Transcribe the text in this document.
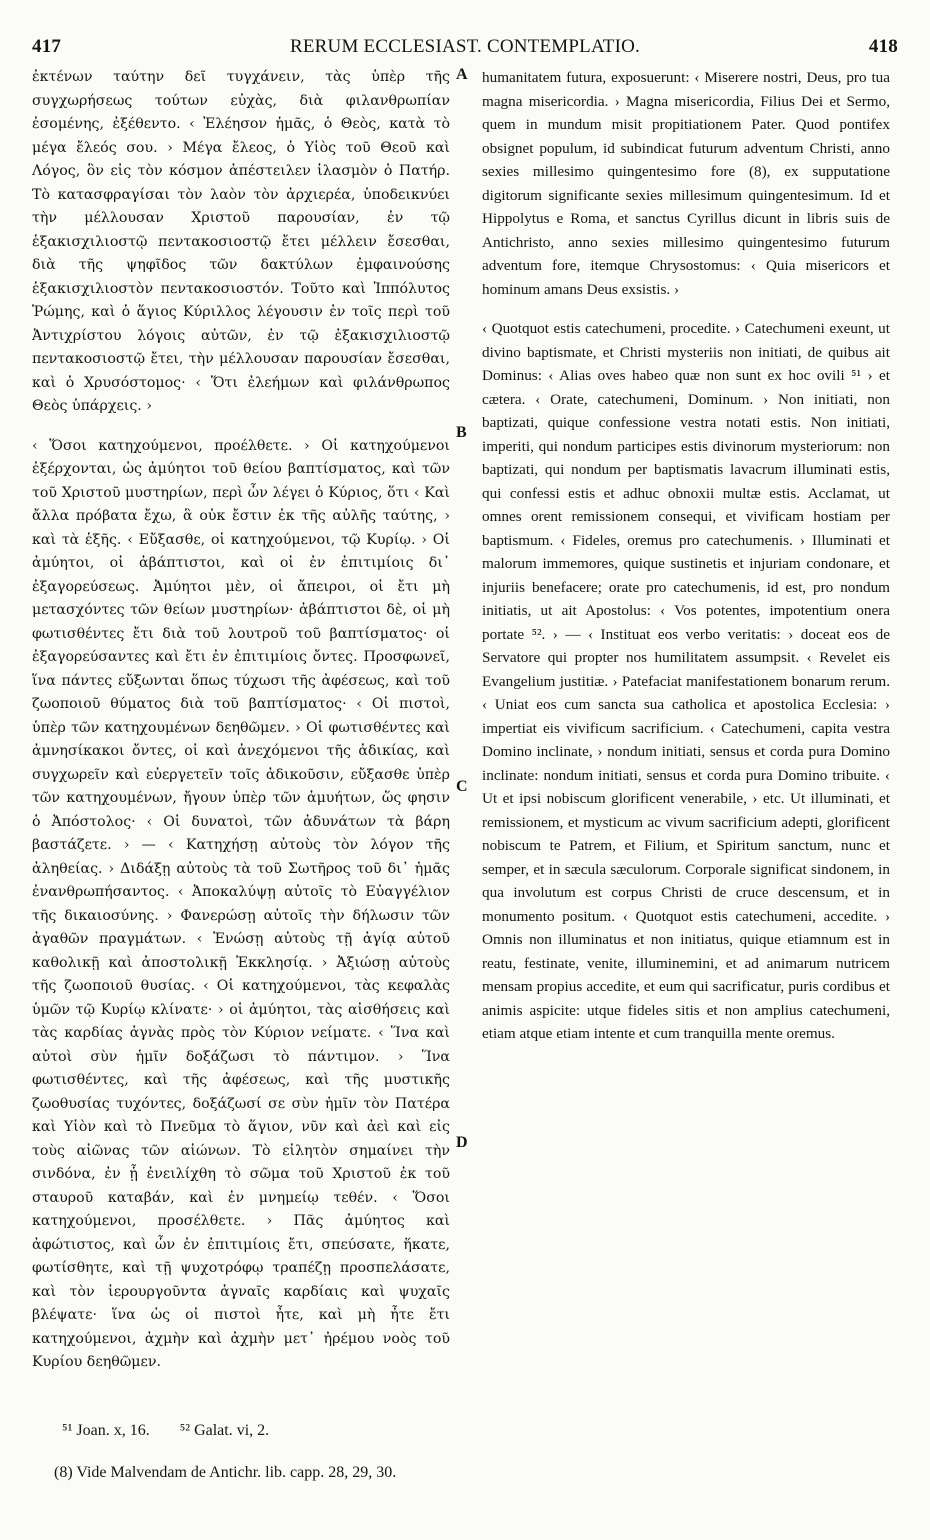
417	RERUM ECCLESIAST. CONTEMPLATIO.	418

ἐκτένων ταύτην δεῖ τυγχάνειν, τὰς ὑπὲρ τῆς συγχωρήσεως τούτων εὐχὰς, διὰ φιλανθρωπίαν ἐσομένης, ἐξέθεντο. ‹ Ἐλέησον ἡμᾶς, ὁ Θεὸς, κατὰ τὸ μέγα ἔλεός σου. › Μέγα ἔλεος, ὁ Υἱὸς τοῦ Θεοῦ καὶ Λόγος, ὃν εἰς τὸν κόσμον ἀπέστειλεν ἱλασμὸν ὁ Πατήρ. Τὸ κατασφραγίσαι τὸν λαὸν τὸν ἀρχιερέα, ὑποδεικνύει τὴν μέλλουσαν Χριστοῦ παρουσίαν, ἐν τῷ ἑξακισχιλιοστῷ πεντακοσιοστῷ ἔτει μέλλειν ἔσεσθαι, διὰ τῆς ψηφῖδος τῶν δακτύλων ἐμφαινούσης ἑξακισχιλιοστὸν πεντακοσιοστόν. Τοῦτο καὶ Ἱππόλυτος Ῥώμης, καὶ ὁ ἅγιος Κύριλλος λέγουσιν ἐν τοῖς περὶ τοῦ Ἀντιχρίστου λόγοις αὐτῶν, ἐν τῷ ἑξακισχιλιοστῷ πεντακοσιοστῷ ἔτει, τὴν μέλλουσαν παρουσίαν ἔσεσθαι, καὶ ὁ Χρυσόστομος· ‹ Ὅτι ἐλεήμων καὶ φιλάνθρωπος Θεὸς ὑπάρχεις. ›

‹ Ὅσοι κατηχούμενοι, προέλθετε. › Οἱ κατηχούμενοι ἐξέρχονται, ὡς ἀμύητοι τοῦ θείου βαπτίσματος, καὶ τῶν τοῦ Χριστοῦ μυστηρίων, περὶ ὧν λέγει ὁ Κύριος, ὅτι ‹ Καὶ ἄλλα πρόβατα ἔχω, ἃ οὐκ ἔστιν ἐκ τῆς αὐλῆς ταύτης, › καὶ τὰ ἑξῆς. ‹ Εὔξασθε, οἱ κατηχούμενοι, τῷ Κυρίῳ. › Οἱ ἀμύητοι, οἱ ἀβάπτιστοι, καὶ οἱ ἐν ἐπιτιμίοις δι᾽ ἐξαγορεύσεως. Ἀμύητοι μὲν, οἱ ἄπειροι, οἱ ἔτι μὴ μετασχόντες τῶν θείων μυστηρίων· ἀβάπτιστοι δὲ, οἱ μὴ φωτισθέντες ἔτι διὰ τοῦ λουτροῦ τοῦ βαπτίσματος· οἱ ἐξαγορεύσαντες καὶ ἔτι ἐν ἐπιτιμίοις ὄντες. Προσφωνεῖ, ἵνα πάντες εὔξωνται ὅπως τύχωσι τῆς ἀφέσεως, καὶ τοῦ ζωοποιοῦ θύματος διὰ τοῦ βαπτίσματος· ‹ Οἱ πιστοὶ, ὑπὲρ τῶν κατηχουμένων δεηθῶμεν. › Οἱ φωτισθέντες καὶ ἀμνησίκακοι ὄντες, οἱ καὶ ἀνεχόμενοι τῆς ἀδικίας, καὶ συγχωρεῖν καὶ εὐεργετεῖν τοῖς ἀδικοῦσιν, εὔξασθε ὑπὲρ τῶν κατηχουμένων, ἤγουν ὑπὲρ τῶν ἀμυήτων, ὥς φησιν ὁ Ἀπόστολος· ‹ Οἱ δυνατοὶ, τῶν ἀδυνάτων τὰ βάρη βαστάζετε. › — ‹ Κατηχήσῃ αὐτοὺς τὸν λόγον τῆς ἀληθείας. › Διδάξῃ αὐτοὺς τὰ τοῦ Σωτῆρος τοῦ δι᾽ ἡμᾶς ἐνανθρωπήσαντος. ‹ Ἀποκαλύψῃ αὐτοῖς τὸ Εὐαγγέλιον τῆς δικαιοσύνης. › Φανερώσῃ αὐτοῖς τὴν δήλωσιν τῶν ἀγαθῶν πραγμάτων. ‹ Ἑνώσῃ αὐτοὺς τῇ ἁγίᾳ αὐτοῦ καθολικῇ καὶ ἀποστολικῇ Ἐκκλησίᾳ. › Ἀξιώσῃ αὐτοὺς τῆς ζωοποιοῦ θυσίας. ‹ Οἱ κατηχούμενοι, τὰς κεφαλὰς ὑμῶν τῷ Κυρίῳ κλίνατε· › οἱ ἀμύητοι, τὰς αἰσθήσεις καὶ τὰς καρδίας ἁγνὰς πρὸς τὸν Κύριον νείματε. ‹ Ἵνα καὶ αὐτοὶ σὺν ἡμῖν δοξάζωσι τὸ πάντιμον. › Ἵνα φωτισθέντες, καὶ τῆς ἀφέσεως, καὶ τῆς μυστικῆς ζωοθυσίας τυχόντες, δοξάζωσί σε σὺν ἡμῖν τὸν Πατέρα καὶ Υἱὸν καὶ τὸ Πνεῦμα τὸ ἅγιον, νῦν καὶ ἀεὶ καὶ εἰς τοὺς αἰῶνας τῶν αἰώνων. Τὸ εἰλητὸν σημαίνει τὴν σινδόνα, ἐν ᾗ ἐνειλίχθη τὸ σῶμα τοῦ Χριστοῦ ἐκ τοῦ σταυροῦ καταβάν, καὶ ἐν μνημείῳ τεθέν. ‹ Ὅσοι κατηχούμενοι, προσέλθετε. › Πᾶς ἀμύητος καὶ ἀφώτιστος, καὶ ὧν ἐν ἐπιτιμίοις ἔτι, σπεύσατε, ἥκατε, φωτίσθητε, καὶ τῇ ψυχοτρόφῳ τραπέζῃ προσπελάσατε, καὶ τὸν ἱερουργοῦντα ἁγναῖς καρδίαις καὶ ψυχαῖς βλέψατε· ἵνα ὡς οἱ πιστοὶ ἦτε, καὶ μὴ ἦτε ἔτι κατηχούμενοι, ἀχμὴν καὶ ἀχμὴν μετ᾽ ἠρέμου νοὸς τοῦ Κυρίου δεηθῶμεν.

humanitatem futura, exposuerunt: ‹ Miserere nostri, Deus, pro tua magna misericordia. › Magna misericordia, Filius Dei et Sermo, quem in mundum misit propitiationem Pater. Quod pontifex obsignet populum, id subindicat futurum adventum Christi, anno sexies millesimo quingentesimo fore (8), ex supputatione digitorum significante sexies millesimum quingentesimum. Id et Hippolytus e Roma, et sanctus Cyrillus dicunt in libris suis de Antichristo, anno sexies millesimo quingentesimo futurum adventum fore, itemque Chrysostomus: ‹ Quia misericors et hominum amans Deus exsistis. ›

‹ Quotquot estis catechumeni, procedite. › Catechumeni exeunt, ut divino baptismate, et Christi mysteriis non initiati, de quibus ait Dominus: ‹ Alias oves habeo quæ non sunt ex hoc ovili ⁵¹ › et cætera. ‹ Orate, catechumeni, Dominum. › Non initiati, non baptizati, quique confessione vestra notati estis. Non initiati, imperiti, qui nondum participes estis divinorum mysteriorum: non baptizati, qui nondum per baptismatis lavacrum illuminati estis, qui confessi estis et adhuc obnoxii multæ estis. Acclamat, ut omnes orent remissionem consequi, et vivificam hostiam per baptismum. ‹ Fideles, oremus pro catechumenis. › Illuminati et malorum immemores, quique sustinetis et injuriam condonare, et injuriis benefacere; orate pro catechumenis, id est, pro nondum initiatis, ut ait Apostolus: ‹ Vos potentes, impotentium onera portate ⁵². › — ‹ Instituat eos verbo veritatis: › doceat eos de Servatore qui propter nos humilitatem assumpsit. ‹ Revelet eis Evangelium justitiæ. › Patefaciat manifestationem bonarum rerum. ‹ Uniat eos cum sancta sua catholica et apostolica Ecclesia: › impertiat eis vivificum sacrificium. ‹ Catechumeni, capita vestra Domino inclinate, › nondum initiati, sensus et corda pura Domino inclinate: nondum initiati, sensus et corda pura Domino tribuite. ‹ Ut et ipsi nobiscum glorificent venerabile, › etc. Ut illuminati, et remissionem, et mysticum ac vivum sacrificium adepti, glorificent nobiscum te Patrem, et Filium, et Spiritum sanctum, nunc et semper, et in sæcula sæculorum. Corporale significat sindonem, in qua involutum est corpus Christi de cruce descensum, et in monumento positum. ‹ Quotquot estis catechumeni, accedite. › Omnis non illuminatus et non initiatus, quique etiamnum est in reatu, festinate, venite, illuminemini, et ad animarum nutricem mensam propius accedite, et eum qui sacrificatur, puris cordibus et animis aspicite: utque fideles sitis et non amplius catechumeni, etiam atque etiam intente et cum tranquilla mente oremus.

A
B
C
D
⁵¹ Joan. x, 16. ⁵² Galat. vi, 2.
(8) Vide Malvendam de Antichr. lib. capp. 28, 29, 30.
